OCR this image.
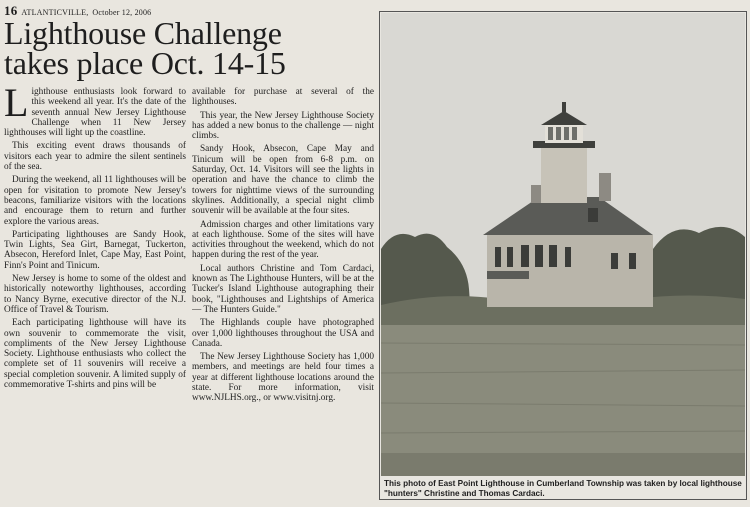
16 ATLANTICVILLE, October 12, 2006
Lighthouse Challenge
takes place Oct. 14-15

Lighthouse enthusiasts look forward to this weekend all year. It's the date of the seventh annual New Jersey Lighthouse Challenge when 11 New Jersey lighthouses will light up the coastline.

This exciting event draws thousands of visitors each year to admire the silent sentinels of the sea.

During the weekend, all 11 lighthouses will be open for visitation to promote New Jersey's beacons, familiarize visitors with the locations and encourage them to return and further explore the various areas.

Participating lighthouses are Sandy Hook, Twin Lights, Sea Girt, Barnegat, Tuckerton, Absecon, Hereford Inlet, Cape May, East Point, Finn's Point and Tinicum.

New Jersey is home to some of the oldest and historically noteworthy lighthouses, according to Nancy Byrne, executive director of the N.J. Office of Travel & Tourism.

Each participating lighthouse will have its own souvenir to commemorate the visit, compliments of the New Jersey Lighthouse Society. Lighthouse enthusiasts who collect the complete set of 11 souvenirs will receive a special completion souvenir. A limited supply of commemorative T-shirts and pins will be

available for purchase at several of the lighthouses.

This year, the New Jersey Lighthouse Society has added a new bonus to the challenge — night climbs.

Sandy Hook, Absecon, Cape May and Tinicum will be open from 6-8 p.m. on Saturday, Oct. 14. Visitors will see the lights in operation and have the chance to climb the towers for nighttime views of the surrounding skylines. Additionally, a special night climb souvenir will be available at the four sites.

Admission charges and other limitations vary at each lighthouse. Some of the sites will have activities throughout the weekend, which do not happen during the rest of the year.

Local authors Christine and Tom Cardaci, known as The Lighthouse Hunters, will be at the Tucker's Island Lighthouse autographing their book, "Lighthouses and Lightships of America — The Hunters Guide."

The Highlands couple have photographed over 1,000 lighthouses throughout the USA and Canada.

The New Jersey Lighthouse Society has 1,000 members, and meetings are held four times a year at different lighthouse locations around the state. For more information, visit www.NJLHS.org., or www.visitnj.org.

This photo of East Point Lighthouse in Cumberland Township was taken by local lighthouse "hunters" Christine and Thomas Cardaci.
